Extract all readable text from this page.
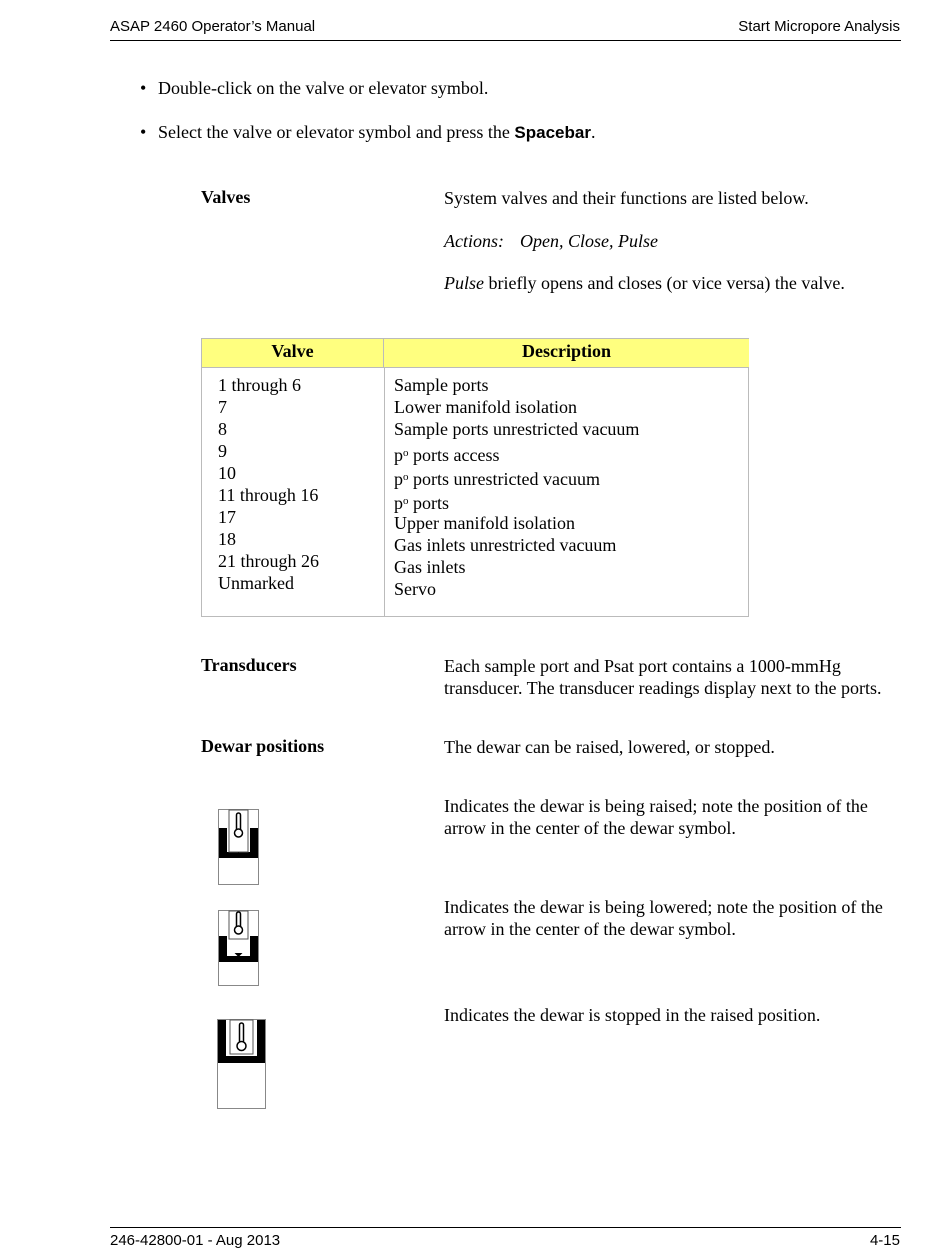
ASAP 2460 Operator’s Manual	Start Micropore Analysis
• Double-click on the valve or elevator symbol.
• Select the valve or elevator symbol and press the Spacebar.
Valves	System valves and their functions are listed below.
Actions: Open, Close, Pulse
Pulse briefly opens and closes (or vice versa) the valve.
Valve	Description
1 through 6	Sample ports
7	Lower manifold isolation
8	Sample ports unrestricted vacuum
9	$p^o$ ports access
10	$p^o$ ports unrestricted vacuum
11 through 16	$p^o$ ports
17	Upper manifold isolation
18	Gas inlets unrestricted vacuum
21 through 26	Gas inlets
Unmarked	Servo
Transducers	Each sample port and Psat port contains a 1000-mmHg
transducer. The transducer readings display next to the ports.
Dewar positions	The dewar can be raised, lowered, or stopped.
Indicates the dewar is being raised; note the position of the
arrow in the center of the dewar symbol.
Indicates the dewar is being lowered; note the position of the
arrow in the center of the dewar symbol.
Indicates the dewar is stopped in the raised position.
246-42800-01 - Aug 2013	4-15
